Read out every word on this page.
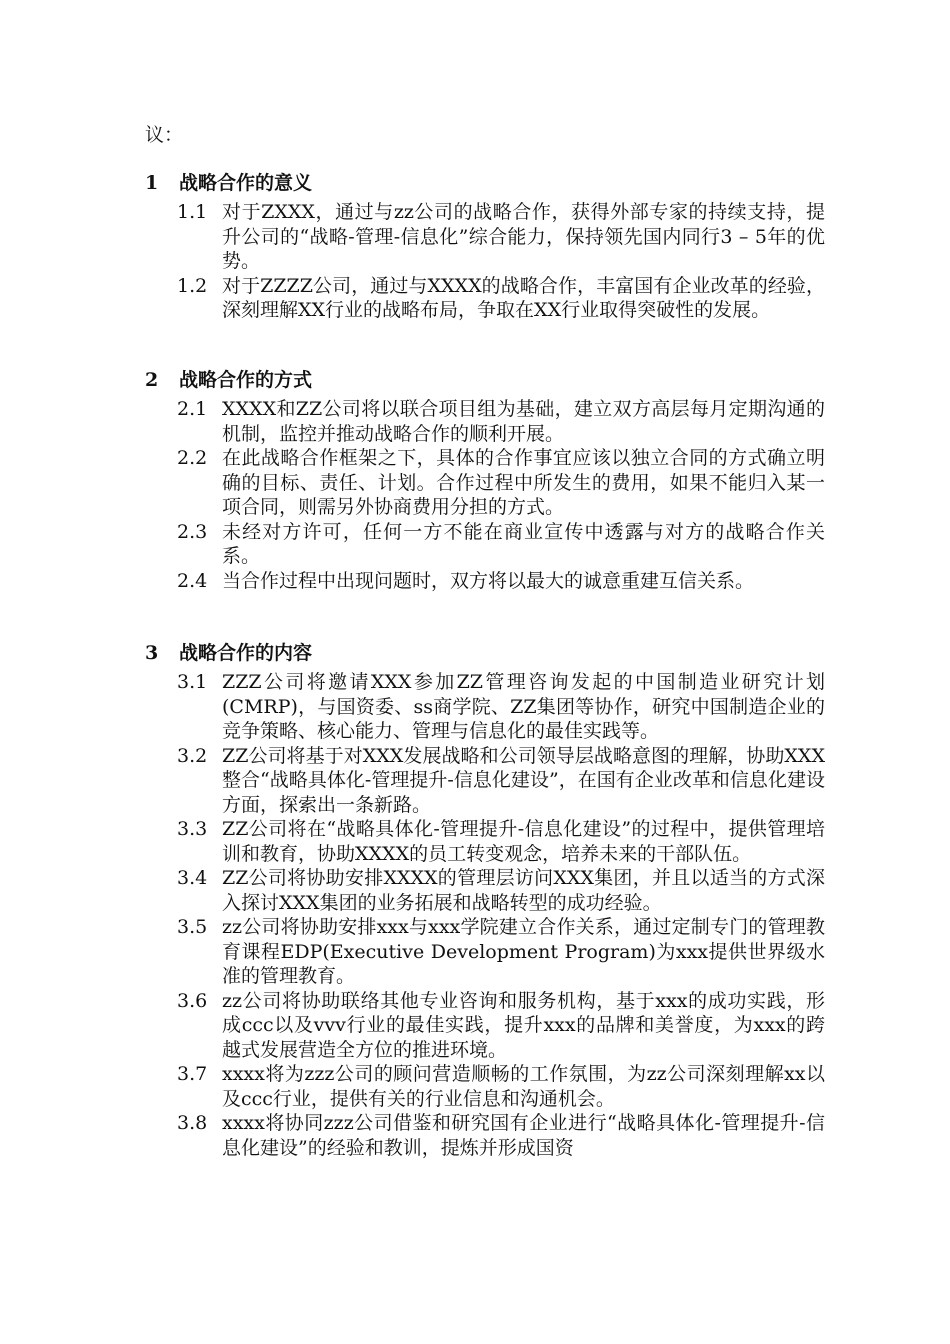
议：
1	战略合作的意义
1.1 对于ZXXX，通过与zz公司的战略合作，获得外部专家的持续支持，提升公司的“战略-管理-信息化”综合能力，保持领先国内同行3 – 5年的优势。
1.2 对于ZZZZ公司，通过与XXXX的战略合作，丰富国有企业改革的经验，深刻理解XX行业的战略布局，争取在XX行业取得突破性的发展。
2	战略合作的方式
2.1 XXXX和ZZ公司将以联合项目组为基础，建立双方高层每月定期沟通的机制，监控并推动战略合作的顺利开展。
2.2 在此战略合作框架之下，具体的合作事宜应该以独立合同的方式确立明确的目标、责任、计划。合作过程中所发生的费用，如果不能归入某一项合同，则需另外协商费用分担的方式。
2.3 未经对方许可，任何一方不能在商业宣传中透露与对方的战略合作关系。
2.4 当合作过程中出现问题时，双方将以最大的诚意重建互信关系。
3	战略合作的内容
3.1 ZZZ公司将邀请XXX参加ZZ管理咨询发起的中国制造业研究计划(CMRP)，与国资委、ss商学院、ZZ集团等协作，研究中国制造企业的竞争策略、核心能力、管理与信息化的最佳实践等。
3.2 ZZ公司将基于对XXX发展战略和公司领导层战略意图的理解，协助XXX整合“战略具体化-管理提升-信息化建设”，在国有企业改革和信息化建设方面，探索出一条新路。
3.3 ZZ公司将在“战略具体化-管理提升-信息化建设”的过程中，提供管理培训和教育，协助XXXX的员工转变观念，培养未来的干部队伍。
3.4 ZZ公司将协助安排XXXX的管理层访问XXX集团，并且以适当的方式深入探讨XXX集团的业务拓展和战略转型的成功经验。
3.5 zz公司将协助安排xxx与xxx学院建立合作关系，通过定制专门的管理教育课程EDP(Executive Development Program)为xxx提供世界级水准的管理教育。
3.6 zz公司将协助联络其他专业咨询和服务机构，基于xxx的成功实践，形成ccc以及vvv行业的最佳实践，提升xxx的品牌和美誉度，为xxx的跨越式发展营造全方位的推进环境。
3.7 xxxx将为zzz公司的顾问营造顺畅的工作氛围，为zz公司深刻理解xx以及ccc行业，提供有关的行业信息和沟通机会。
3.8 xxxx将协同zzz公司借鉴和研究国有企业进行“战略具体化-管理提升-信息化建设”的经验和教训，提炼并形成国资
